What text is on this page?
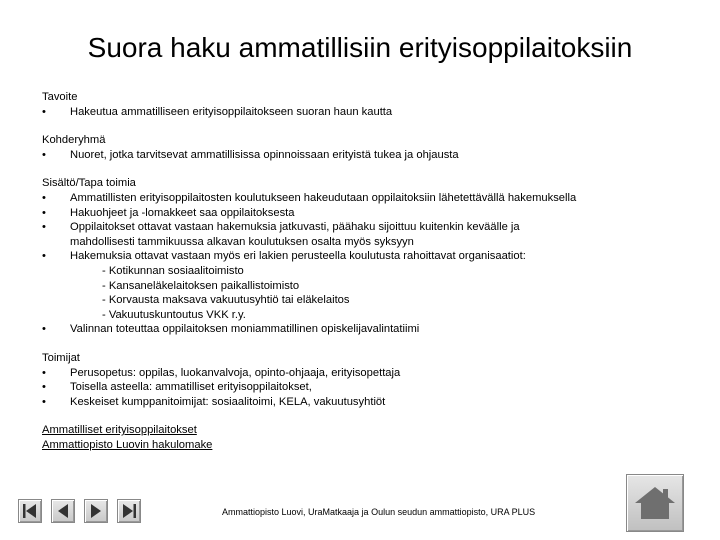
Suora haku ammatillisiin erityisoppilaitoksiin
Tavoite
• Hakeutua ammatilliseen erityisoppilaitokseen suoran haun kautta
Kohderyhmä
• Nuoret, jotka tarvitsevat ammatillisissa opinnoissaan erityistä tukea ja ohjausta
Sisältö/Tapa toimia
• Ammatillisten erityisoppilaitosten koulutukseen hakeudutaan oppilaitoksiin lähetettävällä hakemuksella
• Hakuohjeet ja -lomakkeet saa oppilaitoksesta
• Oppilaitokset ottavat vastaan hakemuksia jatkuvasti, päähaku sijoittuu kuitenkin keväälle ja
mahdollisesti tammikuussa alkavan koulutuksen osalta myös syksyyn
• Hakemuksia ottavat vastaan myös eri lakien perusteella koulutusta rahoittavat organisaatiot:
- Kotikunnan sosiaalitoimisto
- Kansaneläkelaitoksen paikallistoimisto
- Korvausta maksava vakuutusyhtiö tai eläkelaitos
- Vakuutuskuntoutus VKK r.y.
• Valinnan toteuttaa oppilaitoksen moniammatillinen opiskelijavalintatiimi
Toimijat
• Perusopetus: oppilas, luokanvalvoja, opinto-ohjaaja, erityisopettaja
• Toisella asteella: ammatilliset erityisoppilaitokset,
• Keskeiset kumppanitoimijat: sosiaalitoimi, KELA, vakuutusyhtiöt
Ammatilliset erityisoppilaitokset
Ammattiopisto Luovin hakulomake
Ammattiopisto Luovi, UraMatkaaja ja Oulun seudun ammattiopisto, URA PLUS
